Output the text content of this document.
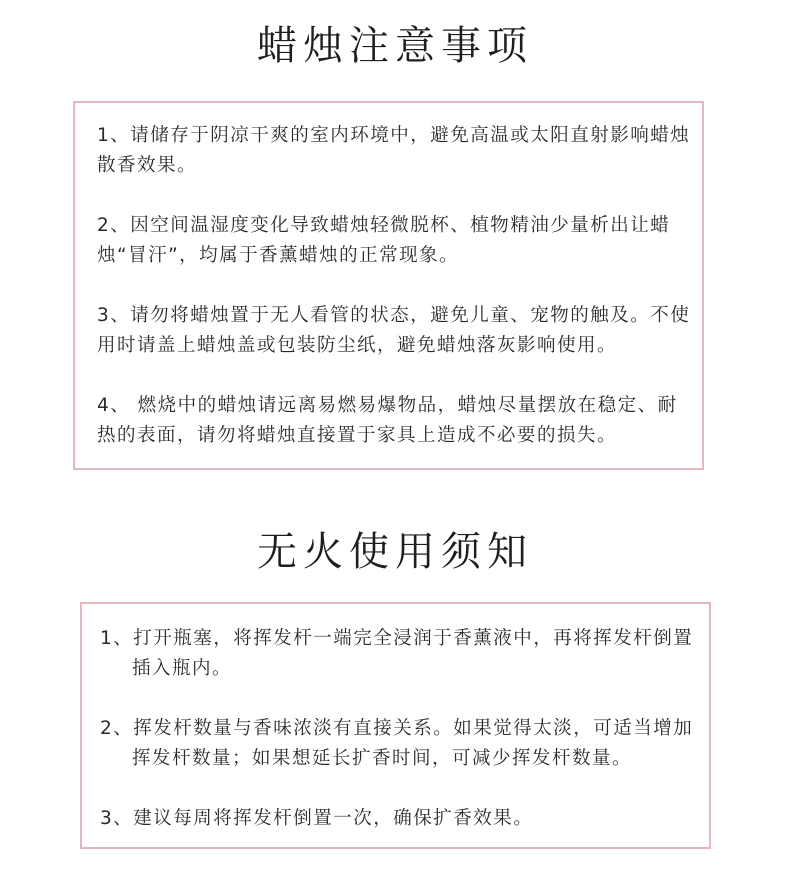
蜡烛注意事项

1、请储存于阴凉干爽的室内环境中，避免高温或太阳直射影响蜡烛散香效果。

2、因空间温湿度变化导致蜡烛轻微脱杯、植物精油少量析出让蜡烛“冒汗”，均属于香薰蜡烛的正常现象。

3、请勿将蜡烛置于无人看管的状态，避免儿童、宠物的触及。不使用时请盖上蜡烛盖或包装防尘纸，避免蜡烛落灰影响使用。

4、 燃烧中的蜡烛请远离易燃易爆物品，蜡烛尽量摆放在稳定、耐热的表面，请勿将蜡烛直接置于家具上造成不必要的损失。

无火使用须知

1、打开瓶塞，将挥发杆一端完全浸润于香薰液中，再将挥发杆倒置插入瓶内。

2、挥发杆数量与香味浓淡有直接关系。如果觉得太淡，可适当增加挥发杆数量；如果想延长扩香时间，可减少挥发杆数量。

3、建议每周将挥发杆倒置一次，确保扩香效果。
